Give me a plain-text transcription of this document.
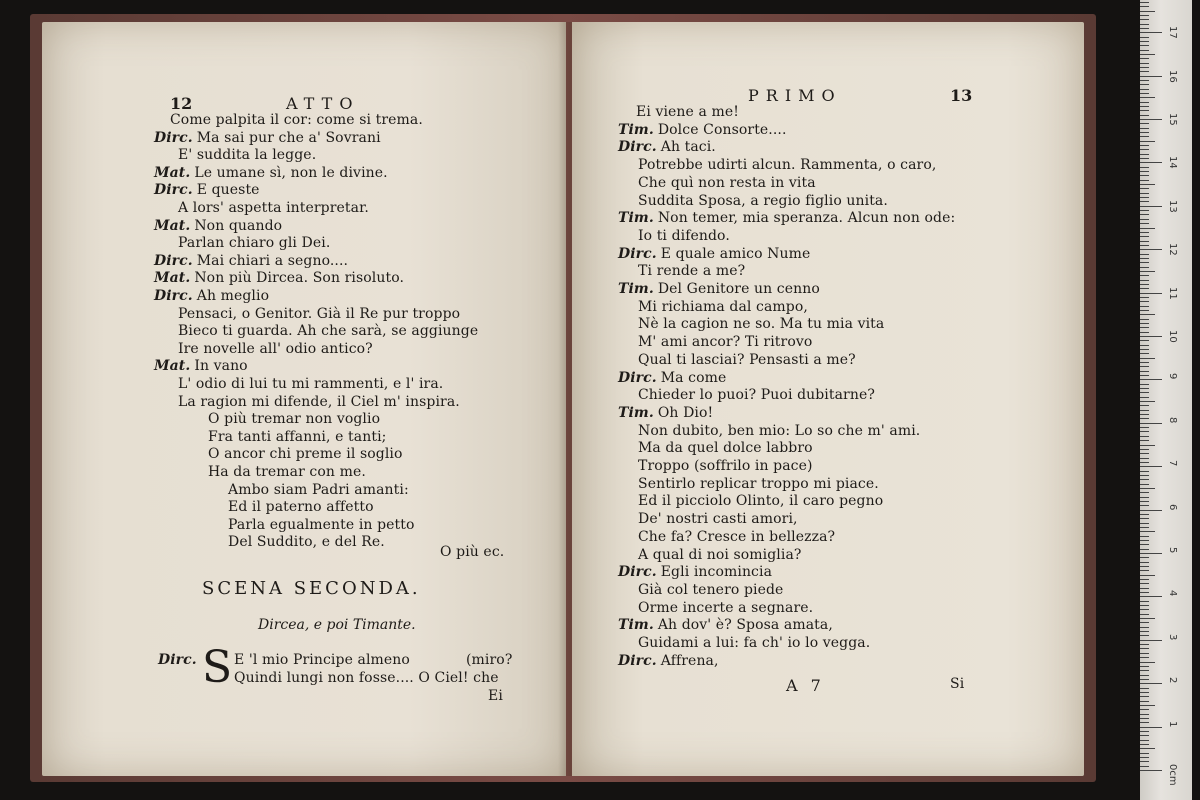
12	ATTO
Come palpita il cor: come si trema.
Dirc. Ma sai pur che a' Sovrani
E' suddita la legge.
Mat. Le umane sì, non le divine.
Dirc. E queste
A lors' aspetta interpretar.
Mat. Non quando
Parlan chiaro gli Dei.
Dirc. Mai chiari a segno....
Mat. Non più Dircea. Son risoluto.
Dirc. Ah meglio
Pensaci, o Genitor. Già il Re pur troppo
Bieco ti guarda. Ah che sarà, se aggiunge
Ire novelle all' odio antico?
Mat. In vano
L' odio di lui tu mi rammenti, e l' ira.
La ragion mi difende, il Ciel m' inspira.
O più tremar non voglio
Fra tanti affanni, e tanti;
O ancor chi preme il soglio
Ha da tremar con me.
Ambo siam Padri amanti:
Ed il paterno affetto
Parla egualmente in petto
Del Suddito, e del Re.
O più ec.
SCENA SECONDA.
Dircea, e poi Timante.
Dirc. S E 'l mio Principe almeno	(miro?
Quindi lungi non fosse.... O Ciel! che
Ei
PRIMO	13
Ei viene a me!
Tim. Dolce Consorte....
Dirc. Ah taci.
Potrebbe udirti alcun. Rammenta, o caro,
Che quì non resta in vita
Suddita Sposa, a regio figlio unita.
Tim. Non temer, mia speranza. Alcun non ode:
Io ti difendo.
Dirc. E quale amico Nume
Ti rende a me?
Tim. Del Genitore un cenno
Mi richiama dal campo,
Nè la cagion ne so. Ma tu mia vita
M' ami ancor? Ti ritrovo
Qual ti lasciai? Pensasti a me?
Dirc. Ma come
Chieder lo puoi? Puoi dubitarne?
Tim. Oh Dio!
Non dubito, ben mio: Lo so che m' ami.
Ma da quel dolce labbro
Troppo (soffrilo in pace)
Sentirlo replicar troppo mi piace.
Ed il picciolo Olinto, il caro pegno
De' nostri casti amori,
Che fa? Cresce in bellezza?
A qual di noi somiglia?
Dirc. Egli incomincia
Già col tenero piede
Orme incerte a segnare.
Tim. Ah dov' è? Sposa amata,
Guidami a lui: fa ch' io lo vegga.
Dirc. Affrena,
A 7	Si
0cm
1
2
3
4
5
6
7
8
9
10
11
12
13
14
15
16
17
